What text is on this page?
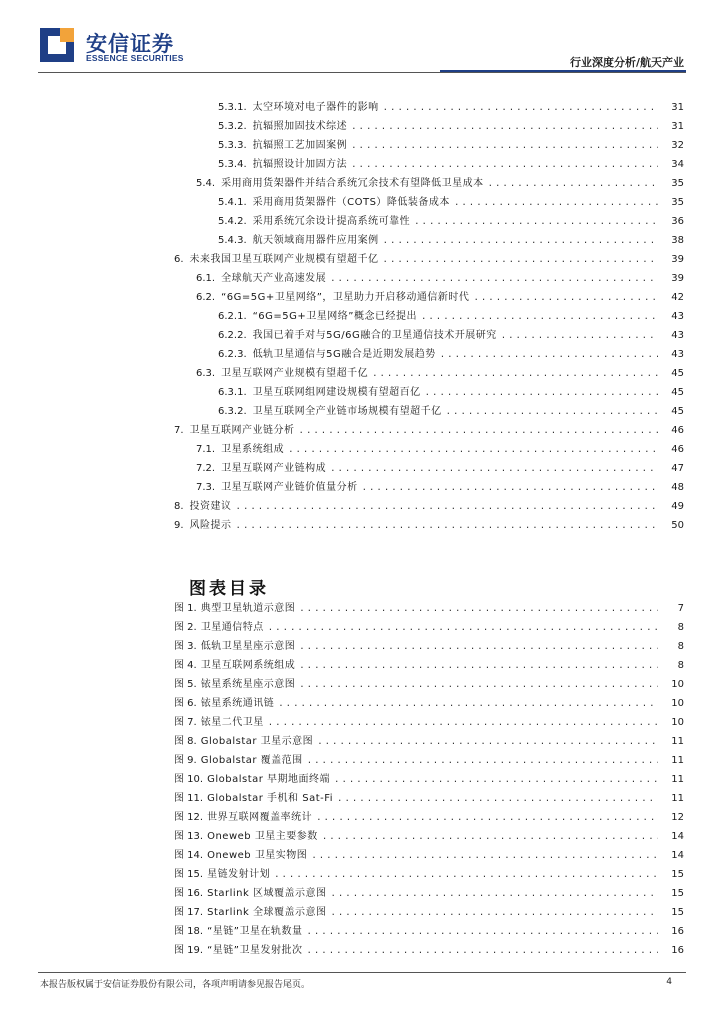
安信证券
ESSENCE SECURITIES	行业深度分析/航天产业
5.3.1. 太空环境对电子器件的影响 .....	31
5.3.2. 抗辐照加固技术综述 .....	31
5.3.3. 抗辐照工艺加固案例 .....	32
5.3.4. 抗辐照设计加固方法 .....	34
5.4. 采用商用货架器件并结合系统冗余技术有望降低卫星成本 .....	35
5.4.1. 采用商用货架器件（COTS）降低装备成本 .....	35
5.4.2. 采用系统冗余设计提高系统可靠性 .....	36
5.4.3. 航天领域商用器件应用案例 .....	38
6. 未来我国卫星互联网产业规模有望超千亿 .....	39
6.1. 全球航天产业高速发展 .....	39
6.2. “6G=5G+卫星网络”，卫星助力开启移动通信新时代 .....	42
6.2.1. “6G=5G+卫星网络”概念已经提出 .....	43
6.2.2. 我国已着手对与5G/6G融合的卫星通信技术开展研究 .....	43
6.2.3. 低轨卫星通信与5G融合是近期发展趋势 .....	43
6.3. 卫星互联网产业规模有望超千亿 .....	45
6.3.1. 卫星互联网组网建设规模有望超百亿 .....	45
6.3.2. 卫星互联网全产业链市场规模有望超千亿 .....	45
7. 卫星互联网产业链分析 .....	46
7.1. 卫星系统组成 .....	46
7.2. 卫星互联网产业链构成 .....	47
7.3. 卫星互联网产业链价值量分析 .....	48
8. 投资建议 .....	49
9. 风险提示 .....	50
图表目录
图 1. 典型卫星轨道示意图 .....	7
图 2. 卫星通信特点 .....	8
图 3. 低轨卫星星座示意图 .....	8
图 4. 卫星互联网系统组成 .....	8
图 5. 铱星系统星座示意图 .....	10
图 6. 铱星系统通讯链 .....	10
图 7. 铱星二代卫星 .....	10
图 8. Globalstar 卫星示意图 .....	11
图 9. Globalstar 覆盖范围 .....	11
图 10. Globalstar 早期地面终端 .....	11
图 11. Globalstar 手机和 Sat-Fi .....	11
图 12. 世界互联网覆盖率统计 .....	12
图 13. Oneweb 卫星主要参数 .....	14
图 14. Oneweb 卫星实物图 .....	14
图 15. 星链发射计划 .....	15
图 16. Starlink 区域覆盖示意图 .....	15
图 17. Starlink 全球覆盖示意图 .....	15
图 18. “星链”卫星在轨数量 .....	16
图 19. “星链”卫星发射批次 .....	16
本报告版权属于安信证券股份有限公司，各项声明请参见报告尾页。	4
